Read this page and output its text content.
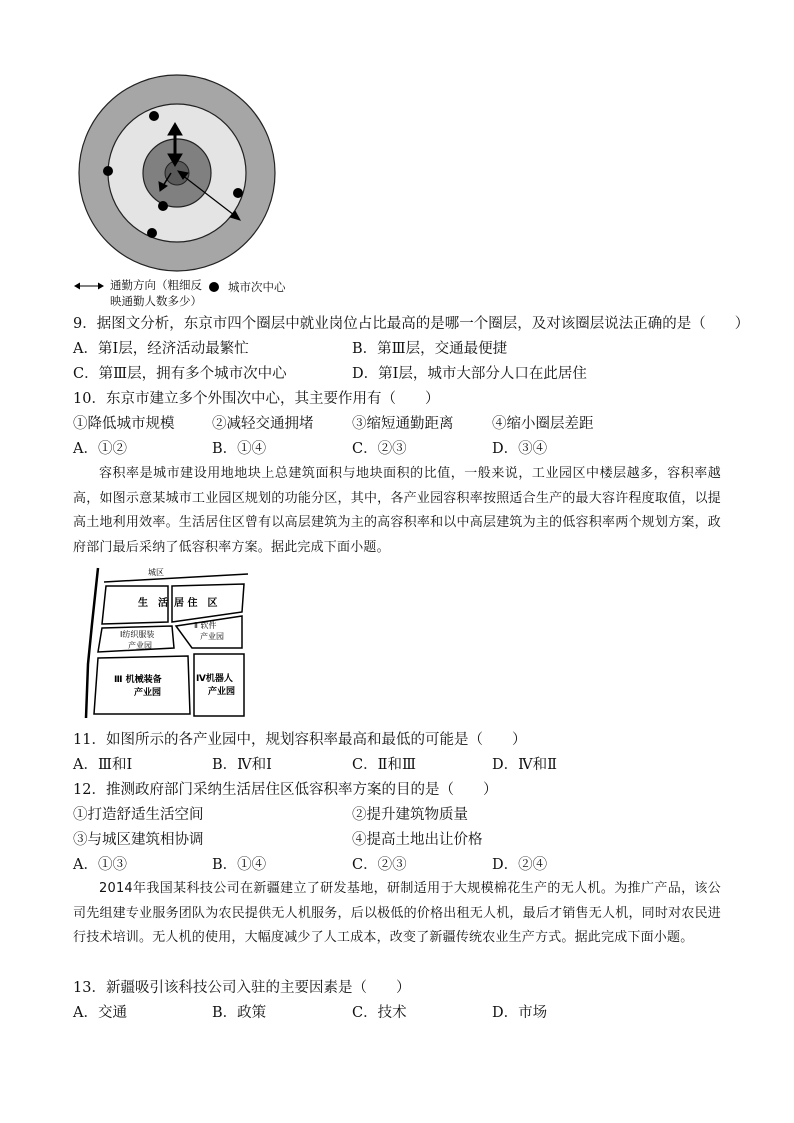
通勤方向（粗细反
映通勤人数多少）
城市次中心
9．据图文分析，东京市四个圈层中就业岗位占比最高的是哪一个圈层，及对该圈层说法正确的是（　　）
A．第Ⅰ层，经济活动最繁忙	B．第Ⅲ层，交通最便捷
C．第Ⅲ层，拥有多个城市次中心	D．第Ⅰ层，城市大部分人口在此居住
10．东京市建立多个外围次中心，其主要作用有（　　）
①降低城市规模	②减轻交通拥堵	③缩短通勤距离	④缩小圈层差距
A．①②	B．①④	C．②③	D．③④
容积率是城市建设用地地块上总建筑面积与地块面积的比值，一般来说，工业园区中楼层越多，容积率越高，如图示意某城市工业园区规划的功能分区，其中，各产业园容积率按照适合生产的最大容许程度取值，以提高土地利用效率。生活居住区曾有以高层建筑为主的高容积率和以中高层建筑为主的低容积率两个规划方案，政府部门最后采纳了低容积率方案。据此完成下面小题。
城区
生　活 居 住　区
Ⅰ纺织服装
产业园
Ⅱ 软件
产业园
Ⅲ 机械装备
产业园
Ⅳ机器人
产业园
11．如图所示的各产业园中，规划容积率最高和最低的可能是（　　）
A．Ⅲ和Ⅰ	B．Ⅳ和Ⅰ	C．Ⅱ和Ⅲ	D．Ⅳ和Ⅱ
12．推测政府部门采纳生活居住区低容积率方案的目的是（　　）
①打造舒适生活空间	②提升建筑物质量
③与城区建筑相协调	④提高土地出让价格
A．①③	B．①④	C．②③	D．②④
2014年我国某科技公司在新疆建立了研发基地，研制适用于大规模棉花生产的无人机。为推广产品，该公司先组建专业服务团队为农民提供无人机服务，后以极低的价格出租无人机，最后才销售无人机，同时对农民进行技术培训。无人机的使用，大幅度减少了人工成本，改变了新疆传统农业生产方式。据此完成下面小题。
13．新疆吸引该科技公司入驻的主要因素是（　　）
A．交通	B．政策	C．技术	D．市场
